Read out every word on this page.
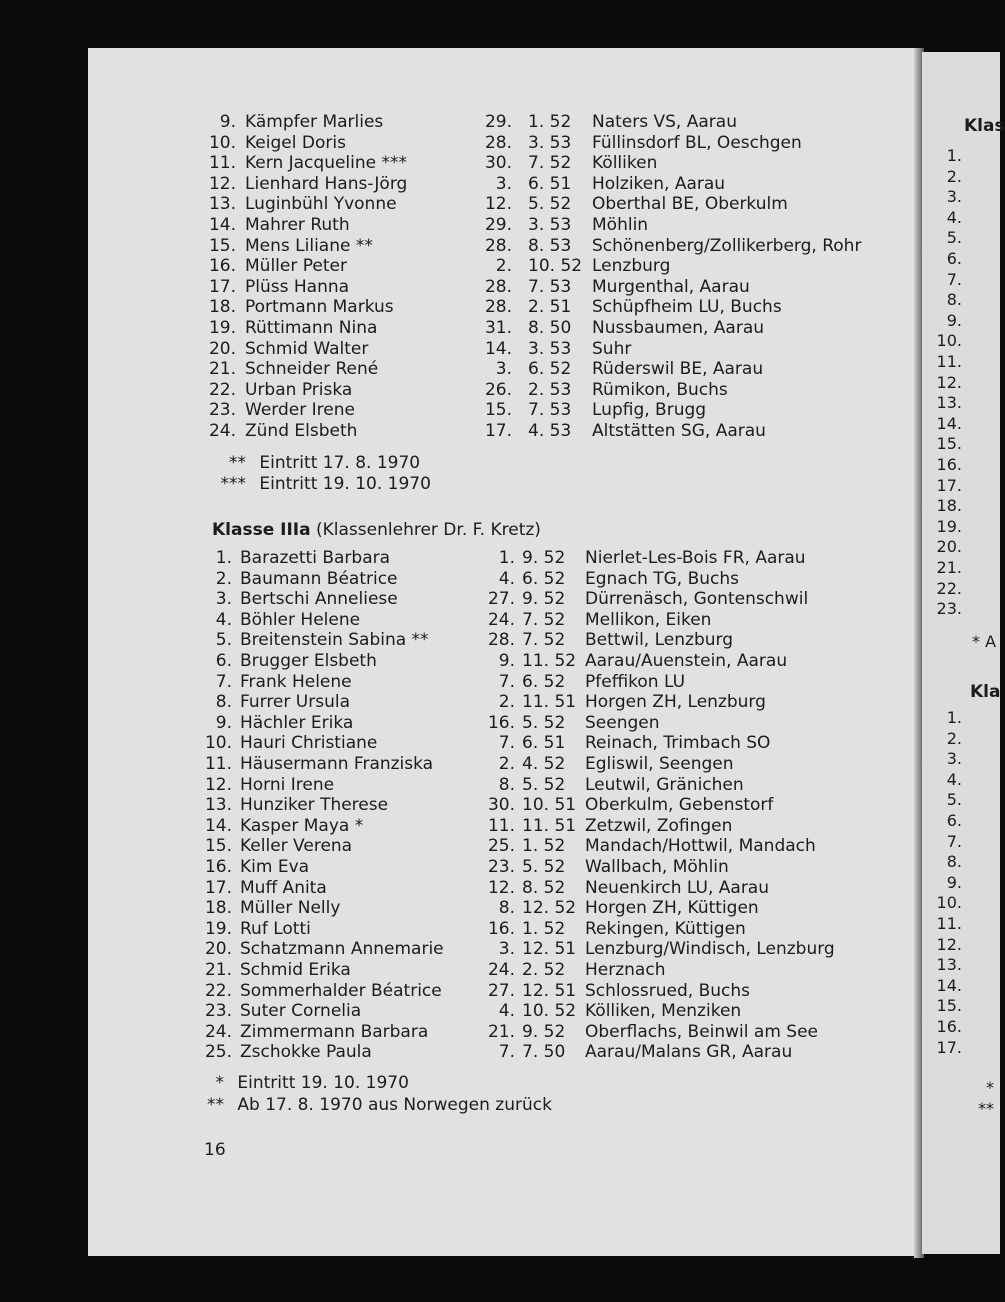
9. Kämpfer Marlies	29. 1. 52 Naters VS, Aarau
10. Keigel Doris	28. 3. 53 Füllinsdorf BL, Oeschgen
11. Kern Jacqueline ***	30. 7. 52 Kölliken
12. Lienhard Hans-Jörg	3. 6. 51 Holziken, Aarau
13. Luginbühl Yvonne	12. 5. 52 Oberthal BE, Oberkulm
14. Mahrer Ruth	29. 3. 53 Möhlin
15. Mens Liliane **	28. 8. 53 Schönenberg/Zollikerberg, Rohr
16. Müller Peter	2. 10. 52 Lenzburg
17. Plüss Hanna	28. 7. 53 Murgenthal, Aarau
18. Portmann Markus	28. 2. 51 Schüpfheim LU, Buchs
19. Rüttimann Nina	31. 8. 50 Nussbaumen, Aarau
20. Schmid Walter	14. 3. 53 Suhr
21. Schneider René	3. 6. 52 Rüderswil BE, Aarau
22. Urban Priska	26. 2. 53 Rümikon, Buchs
23. Werder Irene	15. 7. 53 Lupfig, Brugg
24. Zünd Elsbeth	17. 4. 53 Altstätten SG, Aarau
** Eintritt 17. 8. 1970
*** Eintritt 19. 10. 1970
Klasse IIIa (Klassenlehrer Dr. F. Kretz)
1. Barazetti Barbara	1. 9. 52 Nierlet-Les-Bois FR, Aarau
2. Baumann Béatrice	4. 6. 52 Egnach TG, Buchs
3. Bertschi Anneliese	27. 9. 52 Dürrenäsch, Gontenschwil
4. Böhler Helene	24. 7. 52 Mellikon, Eiken
5. Breitenstein Sabina **	28. 7. 52 Bettwil, Lenzburg
6. Brugger Elsbeth	9. 11. 52 Aarau/Auenstein, Aarau
7. Frank Helene	7. 6. 52 Pfeffikon LU
8. Furrer Ursula	2. 11. 51 Horgen ZH, Lenzburg
9. Hächler Erika	16. 5. 52 Seengen
10. Hauri Christiane	7. 6. 51 Reinach, Trimbach SO
11. Häusermann Franziska	2. 4. 52 Egliswil, Seengen
12. Horni Irene	8. 5. 52 Leutwil, Gränichen
13. Hunziker Therese	30. 10. 51 Oberkulm, Gebenstorf
14. Kasper Maya *	11. 11. 51 Zetzwil, Zofingen
15. Keller Verena	25. 1. 52 Mandach/Hottwil, Mandach
16. Kim Eva	23. 5. 52 Wallbach, Möhlin
17. Muff Anita	12. 8. 52 Neuenkirch LU, Aarau
18. Müller Nelly	8. 12. 52 Horgen ZH, Küttigen
19. Ruf Lotti	16. 1. 52 Rekingen, Küttigen
20. Schatzmann Annemarie	3. 12. 51 Lenzburg/Windisch, Lenzburg
21. Schmid Erika	24. 2. 52 Herznach
22. Sommerhalder Béatrice	27. 12. 51 Schlossrued, Buchs
23. Suter Cornelia	4. 10. 52 Kölliken, Menziken
24. Zimmermann Barbara	21. 9. 52 Oberflachs, Beinwil am See
25. Zschokke Paula	7. 7. 50 Aarau/Malans GR, Aarau
* Eintritt 19. 10. 1970
** Ab 17. 8. 1970 aus Norwegen zurück
16
Klas
1.
2.
3.
4.
5.
6.
7.
8.
9.
10.
11.
12.
13.
14.
15.
16.
17.
18.
19.
20.
21.
22.
23.
* A
Kla
1.
2.
3.
4.
5.
6.
7.
8.
9.
10.
11.
12.
13.
14.
15.
16.
17.
*
**
